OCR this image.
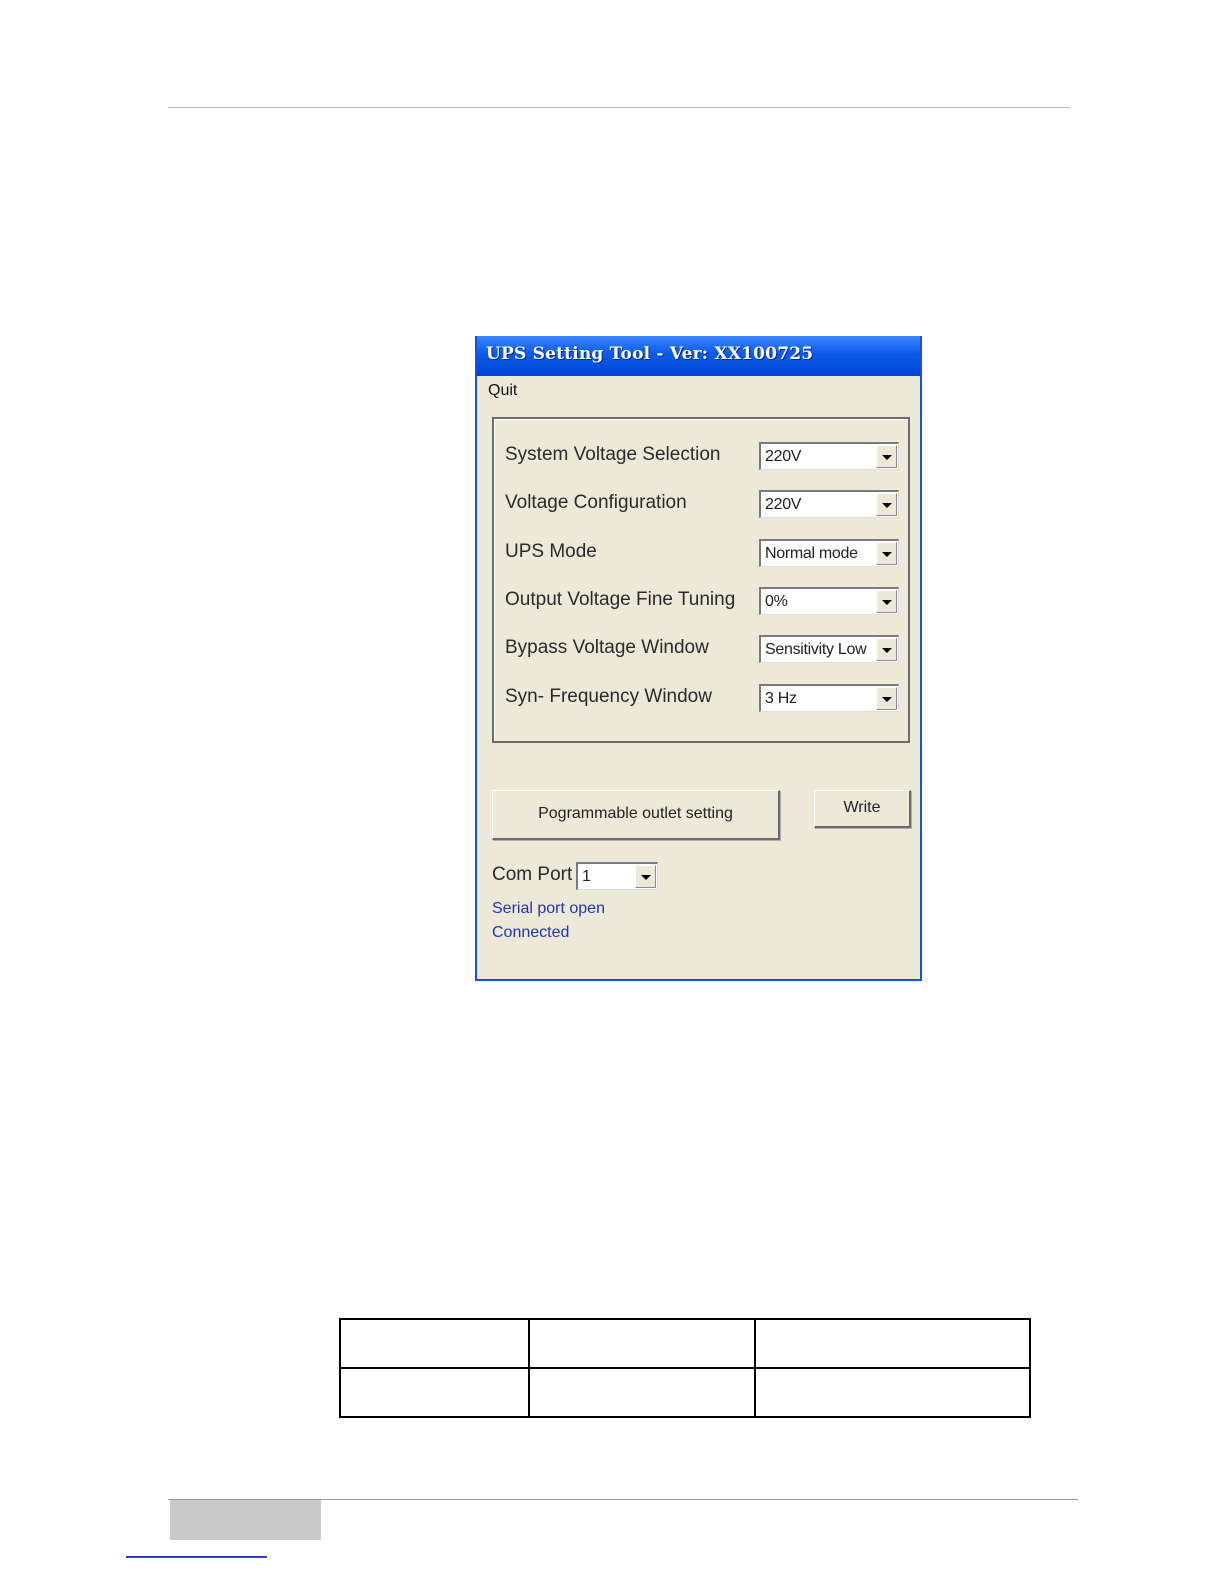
UPS Setting Tool - Ver: XX100725
Quit
System Voltage Selection	220V
Voltage Configuration	220V
UPS Mode	Normal mode
Output Voltage Fine Tuning 0%
Bypass Voltage Window	Sensitivity Low
Syn- Frequency Window	3 Hz
Pogrammable outlet setting	Write
Com Port 1
Serial port open
Connected
